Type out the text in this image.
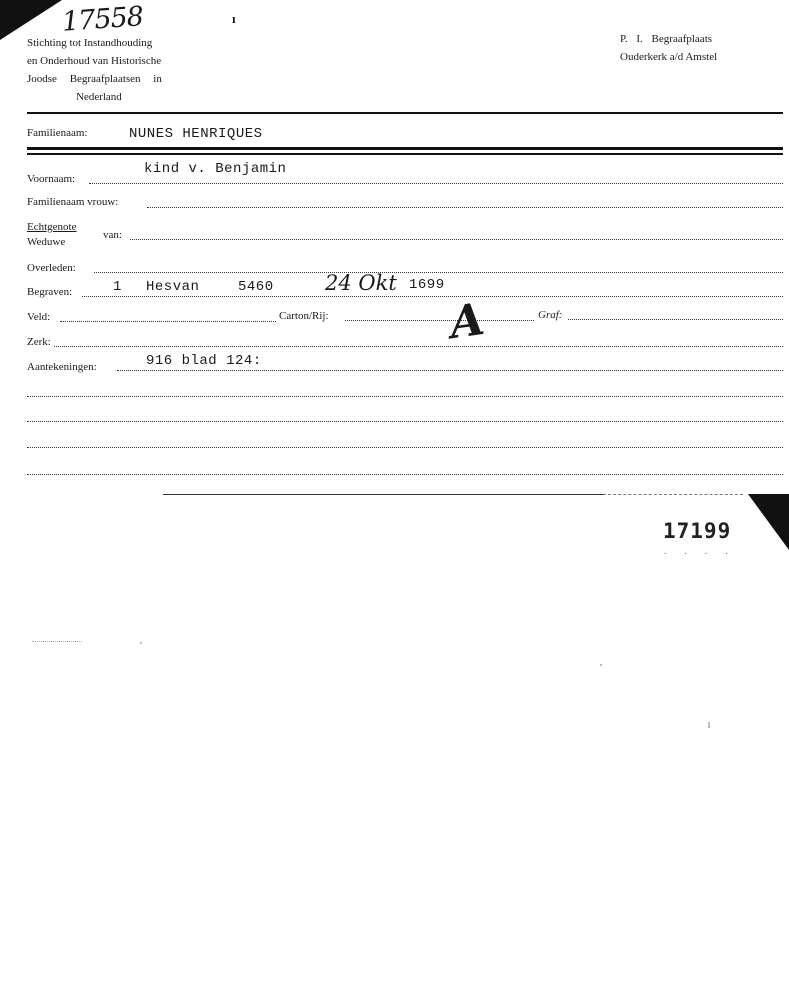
17558	ı
Stichting tot Instandhouding
en Onderhoud van Historische
Joodse Begraafplaatsen in
Nederland
P. I. Begraafplaats
Ouderkerk a/d Amstel
Familienaam:	NUNES HENRIQUES
Voornaam:
kind v. Benjamin
Familienaam vrouw:
Echtgenote
Weduwe
van:
Overleden:
Begraven:	1 Hesvan	5460 24 Okt 1699
Veld:	Carton/Rij:	A	Graf:
Zerk:
Aantekeningen:	916 blad 124:
17199
. . . .
